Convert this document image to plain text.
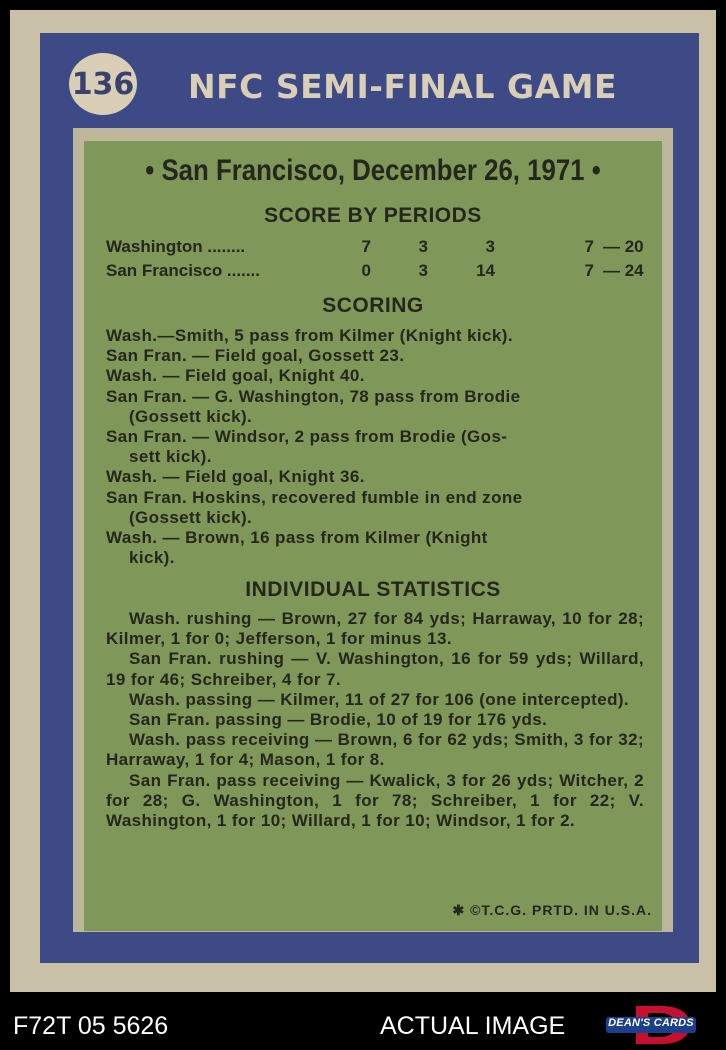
136 NFC SEMI-FINAL GAME
• San Francisco, December 26, 1971 •
SCORE BY PERIODS
Washington ........	7	3	3	7 — 20
San Francisco .......	0	3	14	7 — 24
SCORING
Wash.—Smith, 5 pass from Kilmer (Knight kick).
San Fran. — Field goal, Gossett 23.
Wash. — Field goal, Knight 40.
San Fran. — G. Washington, 78 pass from Brodie
(Gossett kick).
San Fran. — Windsor, 2 pass from Brodie (Gos-
sett kick).
Wash. — Field goal, Knight 36.
San Fran. Hoskins, recovered fumble in end zone
(Gossett kick).
Wash. — Brown, 16 pass from Kilmer (Knight
kick).
INDIVIDUAL STATISTICS
Wash. rushing — Brown, 27 for 84 yds; Harraway, 10 for 28; Kilmer, 1 for 0; Jefferson, 1 for minus 13.
San Fran. rushing — V. Washington, 16 for 59 yds; Willard, 19 for 46; Schreiber, 4 for 7.
Wash. passing — Kilmer, 11 of 27 for 106 (one intercepted).
San Fran. passing — Brodie, 10 of 19 for 176 yds.
Wash. pass receiving — Brown, 6 for 62 yds; Smith, 3 for 32; Harraway, 1 for 4; Mason, 1 for 8.
San Fran. pass receiving — Kwalick, 3 for 26 yds; Witcher, 2 for 28; G. Washington, 1 for 78; Schreiber, 1 for 22; V. Washington, 1 for 10; Willard, 1 for 10; Windsor, 1 for 2.
✱ ©T.C.G. PRTD. IN U.S.A.
F72T 05 5626	ACTUAL IMAGE	DEAN'S CARDS
